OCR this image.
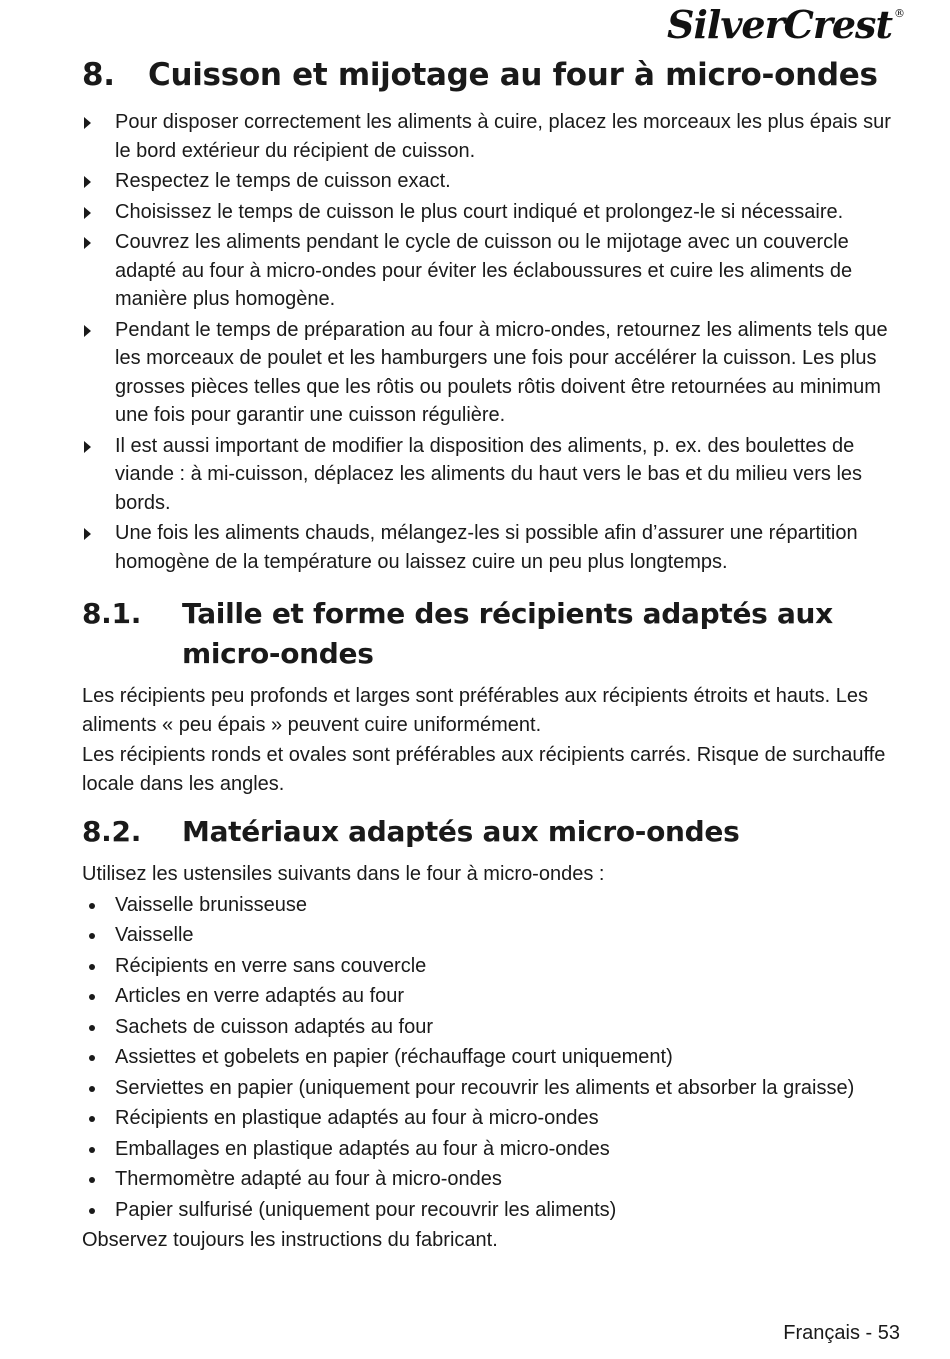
SilverCrest ®
8.	Cuisson et mijotage au four à micro-ondes
Pour disposer correctement les aliments à cuire, placez les morceaux les plus épais sur le bord extérieur du récipient de cuisson.
Respectez le temps de cuisson exact.
Choisissez le temps de cuisson le plus court indiqué et prolongez-le si nécessaire.
Couvrez les aliments pendant le cycle de cuisson ou le mijotage avec un couvercle adapté au four à micro-ondes pour éviter les éclaboussures et cuire les aliments de manière plus homogène.
Pendant le temps de préparation au four à micro-ondes, retournez les aliments tels que les morceaux de poulet et les hamburgers une fois pour accélérer la cuisson. Les plus grosses pièces telles que les rôtis ou poulets rôtis doivent être retournées au minimum une fois pour garantir une cuisson régulière.
Il est aussi important de modifier la disposition des aliments, p. ex. des boulettes de viande : à mi-cuisson, déplacez les aliments du haut vers le bas et du milieu vers les bords.
Une fois les aliments chauds, mélangez-les si possible afin d’assurer une répartition homogène de la température ou laissez cuire un peu plus longtemps.
8.1.	Taille et forme des récipients adaptés aux micro-ondes

Les récipients peu profonds et larges sont préférables aux récipients étroits et hauts. Les aliments « peu épais » peuvent cuire uniformément.

Les récipients ronds et ovales sont préférables aux récipients carrés. Risque de surchauffe locale dans les angles.

8.2.	Matériaux adaptés aux micro-ondes

Utilisez les ustensiles suivants dans le four à micro-ondes :

Vaisselle brunisseuse
Vaisselle
Récipients en verre sans couvercle
Articles en verre adaptés au four
Sachets de cuisson adaptés au four
Assiettes et gobelets en papier (réchauffage court uniquement)
Serviettes en papier (uniquement pour recouvrir les aliments et absorber la graisse)
Récipients en plastique adaptés au four à micro-ondes
Emballages en plastique adaptés au four à micro-ondes
Thermomètre adapté au four à micro-ondes
Papier sulfurisé (uniquement pour recouvrir les aliments)

Observez toujours les instructions du fabricant.

Français - 53
